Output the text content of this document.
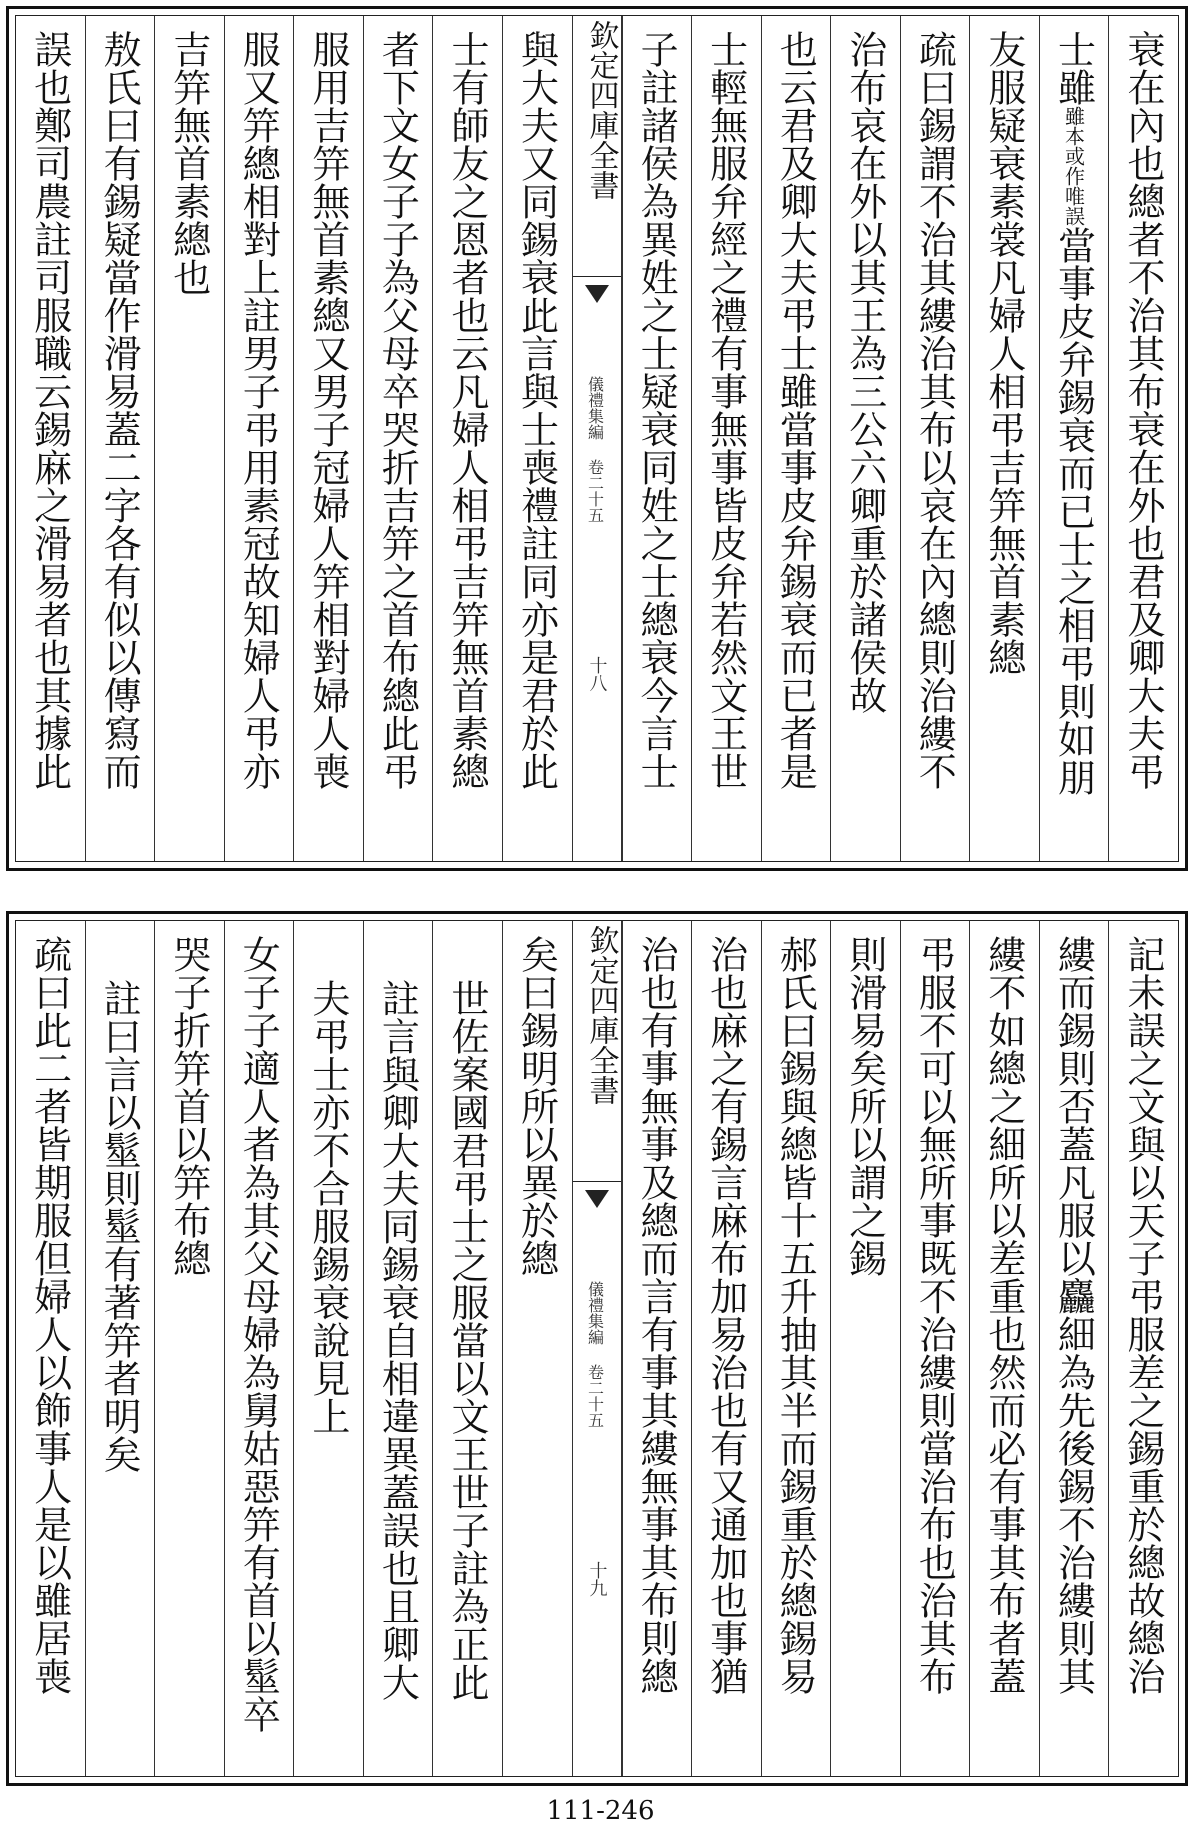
衰在內也總者不治其布衰在外也君及卿大夫弔
士雖雖本或作唯誤當事皮弁錫衰而已士之相弔則如朋
友服疑衰素裳凡婦人相弔吉笄無首素總
疏曰錫謂不治其縷治其布以哀在內總則治縷不
治布哀在外以其王為三公六卿重於諸侯故
也云君及卿大夫弔士雖當事皮弁錫衰而已者是
士輕無服弁經之禮有事無事皆皮弁若然文王世
子註諸侯為異姓之士疑衰同姓之士總衰今言士
欽定四庫全書
儀禮集編 卷二十五
十八
與大夫又同錫衰此言與士喪禮註同亦是君於此
士有師友之恩者也云凡婦人相弔吉笄無首素總
者下文女子子為父母卒哭折吉笄之首布總此弔
服用吉笄無首素總又男子冠婦人笄相對婦人喪
服又笄總相對上註男子弔用素冠故知婦人弔亦
吉笄無首素總也
敖氏曰有錫疑當作滑易蓋二字各有似以傳寫而
誤也鄭司農註司服職云錫麻之滑易者也其據此
記未誤之文與以天子弔服差之錫重於總故總治
縷而錫則否蓋凡服以麤細為先後錫不治縷則其
縷不如總之細所以差重也然而必有事其布者蓋
弔服不可以無所事既不治縷則當治布也治其布
則滑易矣所以謂之錫
郝氏曰錫與總皆十五升抽其半而錫重於總錫易
治也麻之有錫言麻布加易治也有又通加也事猶
治也有事無事及總而言有事其縷無事其布則總
欽定四庫全書
儀禮集編 卷二十五
十九
矣曰錫明所以異於總
世佐案國君弔士之服當以文王世子註為正此
註言與卿大夫同錫衰自相違異蓋誤也且卿大
夫弔士亦不合服錫衰說見上
女子子適人者為其父母婦為舅姑惡笄有首以髽卒
哭子折笄首以笄布總
註曰言以髽則髽有著笄者明矣
疏曰此二者皆期服但婦人以飾事人是以雖居喪
111-246
